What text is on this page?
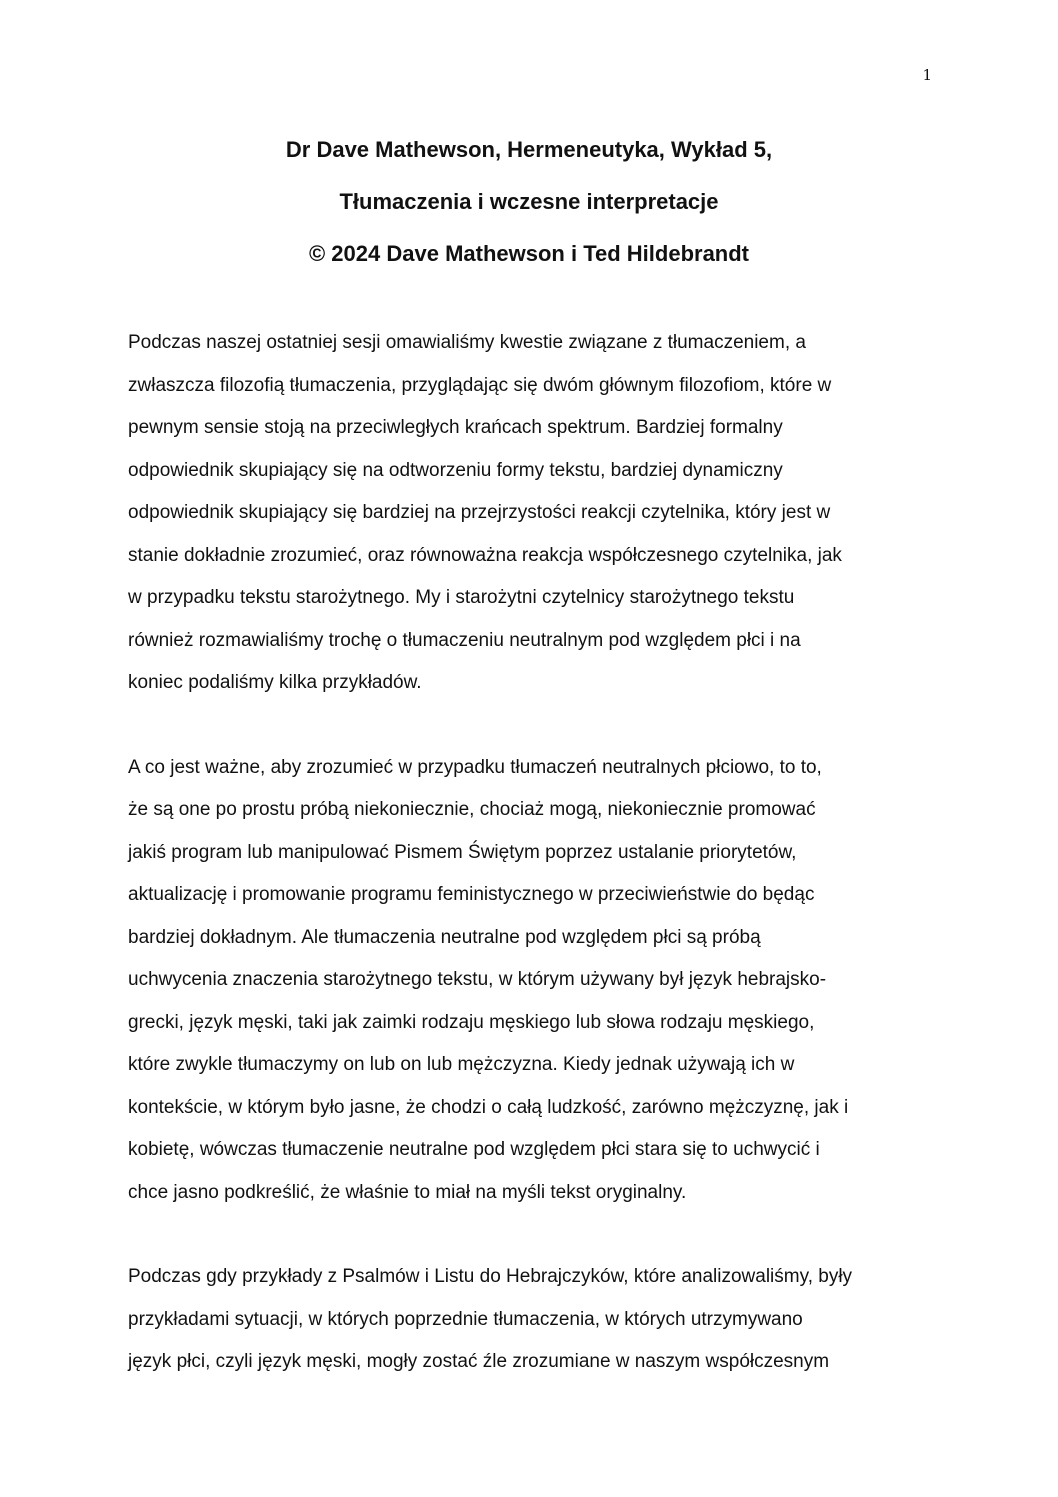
1
Dr Dave Mathewson, Hermeneutyka, Wykład 5,
Tłumaczenia i wczesne interpretacje
© 2024 Dave Mathewson i Ted Hildebrandt
Podczas naszej ostatniej sesji omawialiśmy kwestie związane z tłumaczeniem, a
zwłaszcza filozofią tłumaczenia, przyglądając się dwóm głównym filozofiom, które w
pewnym sensie stoją na przeciwległych krańcach spektrum. Bardziej formalny
odpowiednik skupiający się na odtworzeniu formy tekstu, bardziej dynamiczny
odpowiednik skupiający się bardziej na przejrzystości reakcji czytelnika, który jest w
stanie dokładnie zrozumieć, oraz równoważna reakcja współczesnego czytelnika, jak
w przypadku tekstu starożytnego. My i starożytni czytelnicy starożytnego tekstu
również rozmawialiśmy trochę o tłumaczeniu neutralnym pod względem płci i na
koniec podaliśmy kilka przykładów.
A co jest ważne, aby zrozumieć w przypadku tłumaczeń neutralnych płciowo, to to,
że są one po prostu próbą niekoniecznie, chociaż mogą, niekoniecznie promować
jakiś program lub manipulować Pismem Świętym poprzez ustalanie priorytetów,
aktualizację i promowanie programu feministycznego w przeciwieństwie do będąc
bardziej dokładnym. Ale tłumaczenia neutralne pod względem płci są próbą
uchwycenia znaczenia starożytnego tekstu, w którym używany był język hebrajsko-
grecki, język męski, taki jak zaimki rodzaju męskiego lub słowa rodzaju męskiego,
które zwykle tłumaczymy on lub on lub mężczyzna. Kiedy jednak używają ich w
kontekście, w którym było jasne, że chodzi o całą ludzkość, zarówno mężczyznę, jak i
kobietę, wówczas tłumaczenie neutralne pod względem płci stara się to uchwycić i
chce jasno podkreślić, że właśnie to miał na myśli tekst oryginalny.
Podczas gdy przykłady z Psalmów i Listu do Hebrajczyków, które analizowaliśmy, były
przykładami sytuacji, w których poprzednie tłumaczenia, w których utrzymywano
język płci, czyli język męski, mogły zostać źle zrozumiane w naszym współczesnym
